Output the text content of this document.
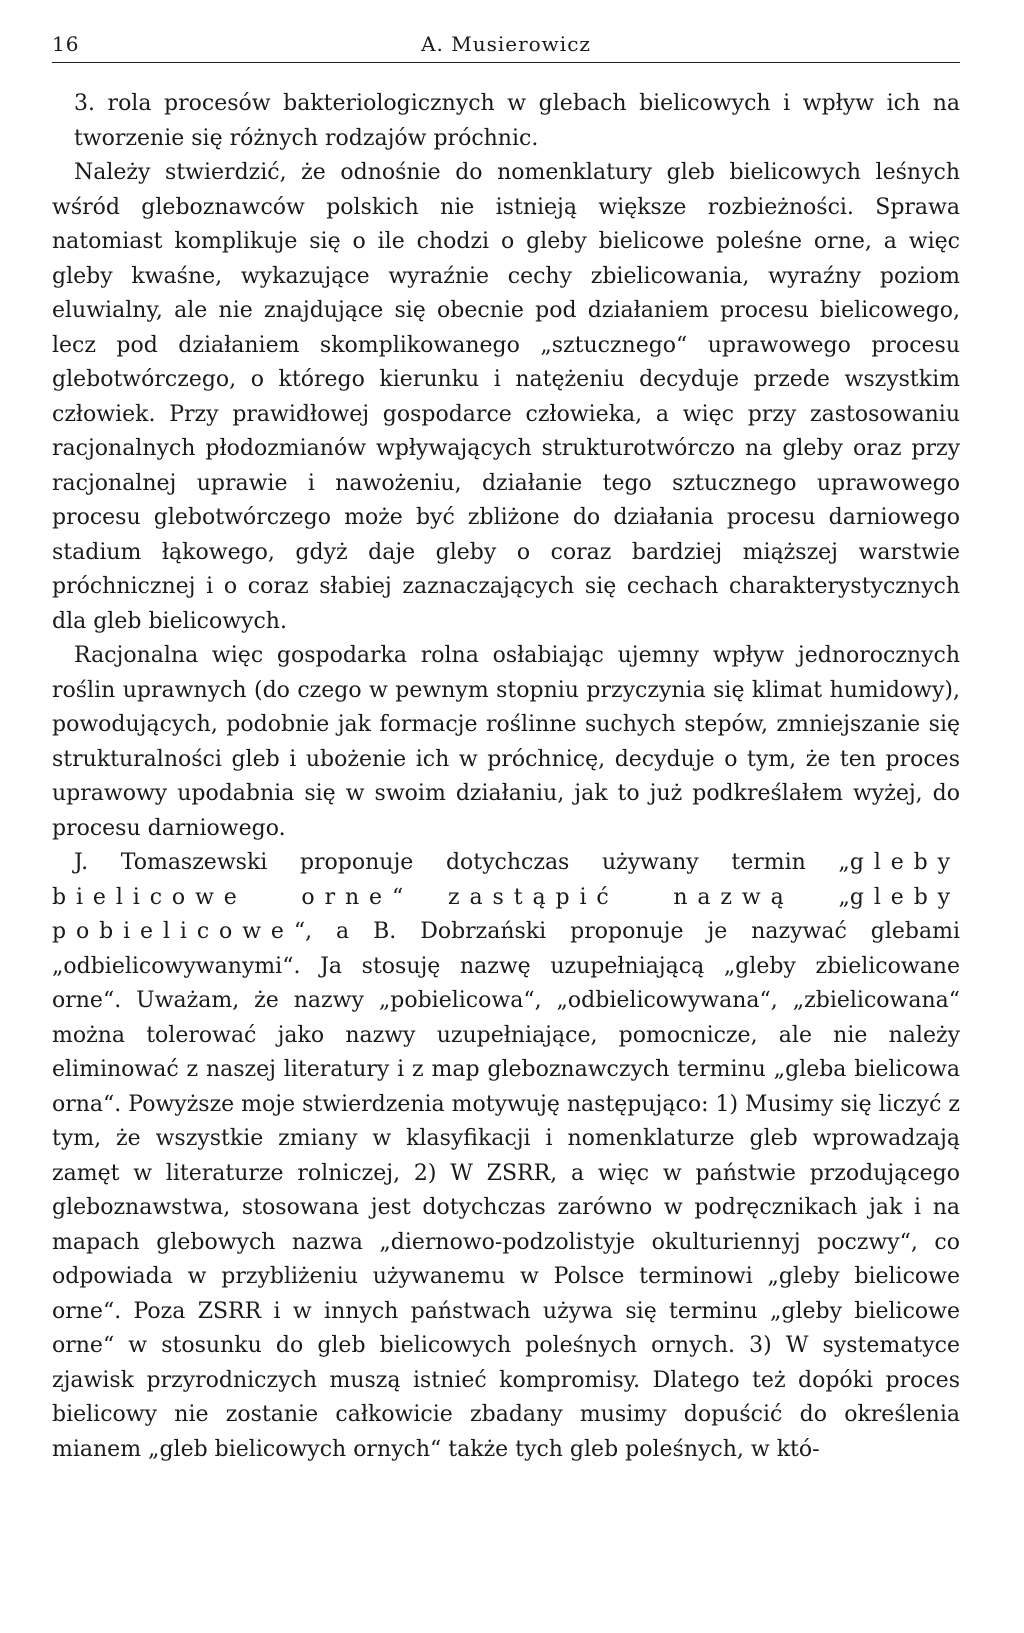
16	A. Musierowicz

3. rola procesów bakteriologicznych w glebach bielicowych i wpływ ich na tworzenie się różnych rodzajów próchnic.

Należy stwierdzić, że odnośnie do nomenklatury gleb bielicowych leśnych wśród gleboznawców polskich nie istnieją większe rozbieżności. Sprawa natomiast komplikuje się o ile chodzi o gleby bielicowe poleśne orne, a więc gleby kwaśne, wykazujące wyraźnie cechy zbielicowania, wyraźny poziom eluwialny, ale nie znajdujące się obecnie pod działaniem procesu bielicowego, lecz pod działaniem skomplikowanego „sztucznego“ uprawowego procesu glebotwórczego, o którego kierunku i natężeniu decyduje przede wszystkim człowiek. Przy prawidłowej gospodarce człowieka, a więc przy zastosowaniu racjonalnych płodozmianów wpływających strukturotwórczo na gleby oraz przy racjonalnej uprawie i nawożeniu, działanie tego sztucznego uprawowego procesu glebotwórczego może być zbliżone do działania procesu darniowego stadium łąkowego, gdyż daje gleby o coraz bardziej miąższej warstwie próchnicznej i o coraz słabiej zaznaczających się cechach charakterystycznych dla gleb bielicowych.

Racjonalna więc gospodarka rolna osłabiając ujemny wpływ jednorocznych roślin uprawnych (do czego w pewnym stopniu przyczynia się klimat humidowy), powodujących, podobnie jak formacje roślinne suchych stepów, zmniejszanie się strukturalności gleb i ubożenie ich w próchnicę, decyduje o tym, że ten proces uprawowy upodabnia się w swoim działaniu, jak to już podkreślałem wyżej, do procesu darniowego.

J. Tomaszewski proponuje dotychczas używany termin „gleby bielicowe orne“ zastąpić nazwą „gleby pobielicowe“, a B. Dobrzański proponuje je nazywać glebami „odbielicowywanymi“. Ja stosuję nazwę uzupełniającą „gleby zbielicowane orne“. Uważam, że nazwy „pobielicowa“, „odbielicowywana“, „zbielicowana“ można tolerować jako nazwy uzupełniające, pomocnicze, ale nie należy eliminować z naszej literatury i z map gleboznawczych terminu „gleba bielicowa orna“. Powyższe moje stwierdzenia motywuję następująco: 1) Musimy się liczyć z tym, że wszystkie zmiany w klasyfikacji i nomenklaturze gleb wprowadzają zamęt w literaturze rolniczej, 2) W ZSRR, a więc w państwie przodującego gleboznawstwa, stosowana jest dotychczas zarówno w podręcznikach jak i na mapach glebowych nazwa „diernowo-podzolistyje okulturiennyj poczwy“, co odpowiada w przybliżeniu używanemu w Polsce terminowi „gleby bielicowe orne“. Poza ZSRR i w innych państwach używa się terminu „gleby bielicowe orne“ w stosunku do gleb bielicowych poleśnych ornych. 3) W systematyce zjawisk przyrodniczych muszą istnieć kompromisy. Dlatego też dopóki proces bielicowy nie zostanie całkowicie zbadany musimy dopuścić do określenia mianem „gleb bielicowych ornych“ także tych gleb poleśnych, w któ-
